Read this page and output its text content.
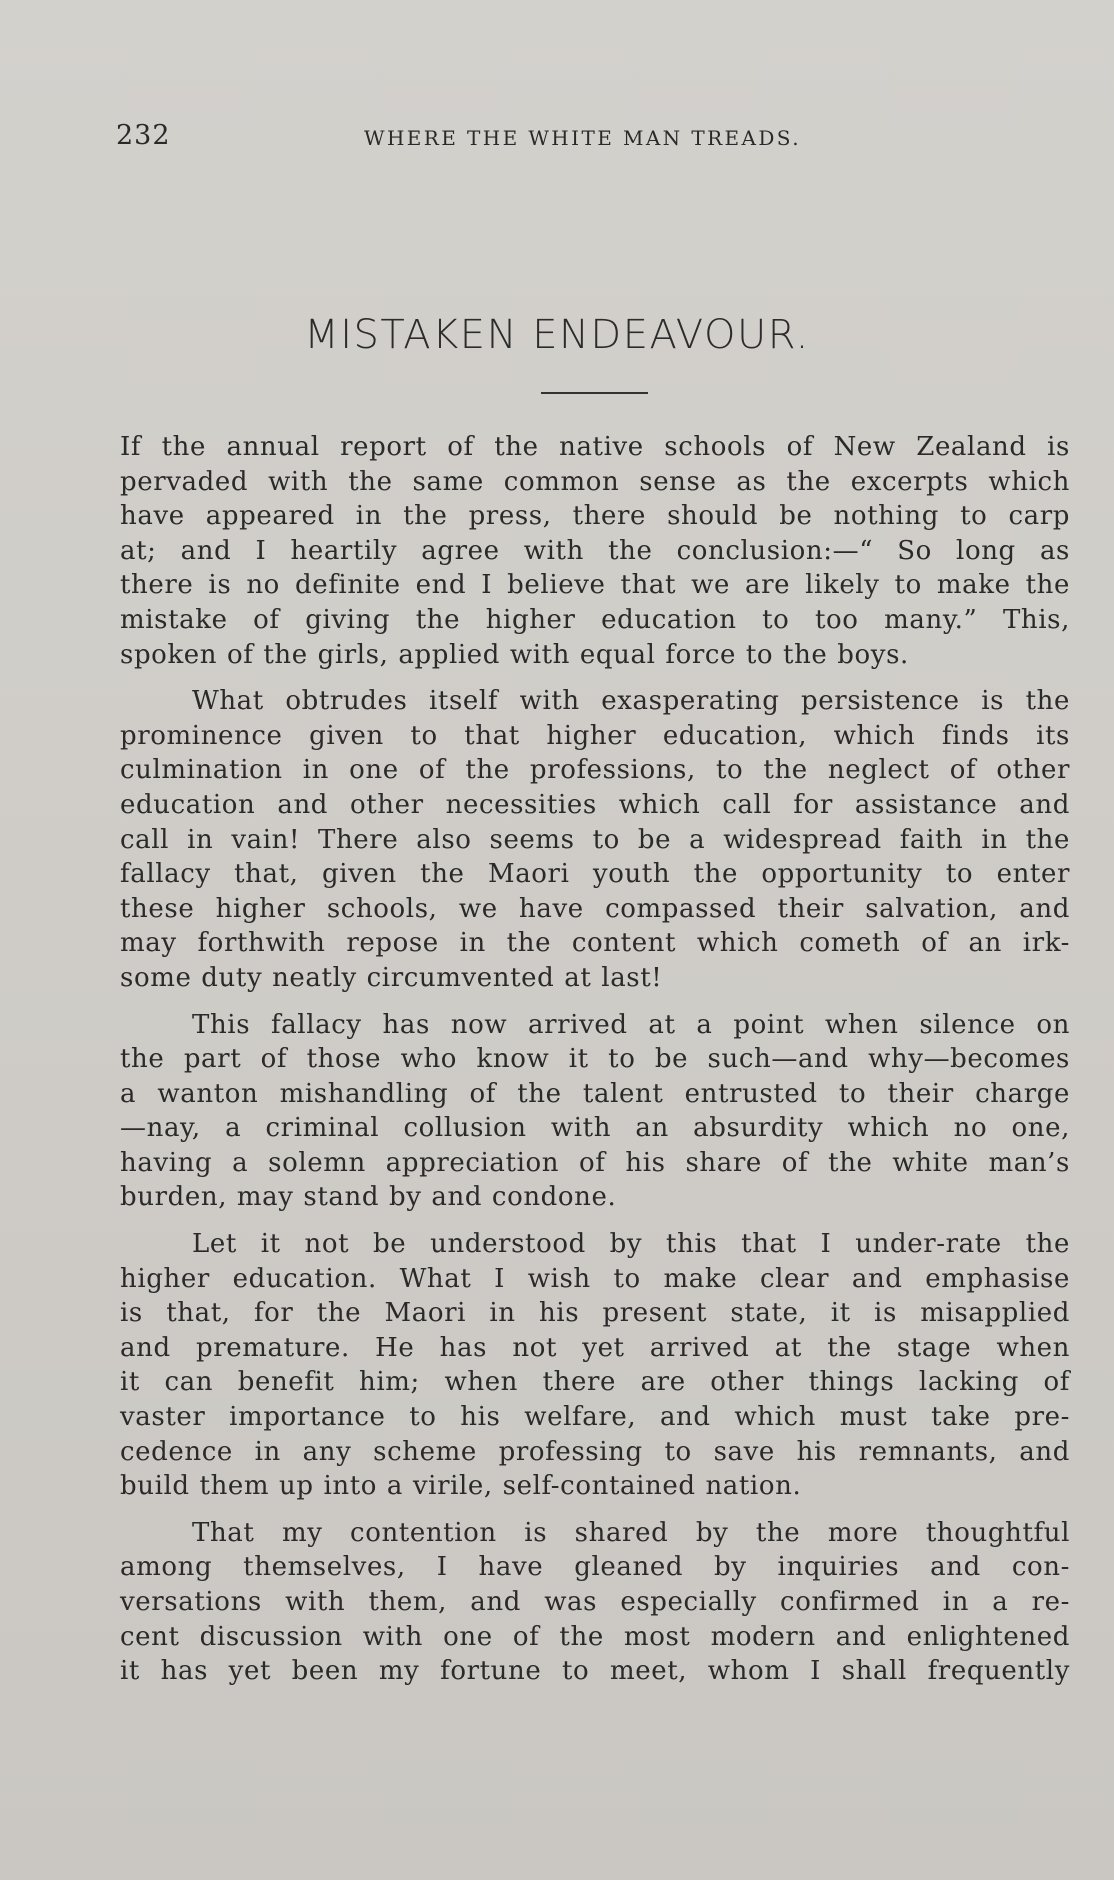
232	WHERE THE WHITE MAN TREADS.
MISTAKEN ENDEAVOUR.
If the annual report of the native schools of New Zealand is
pervaded with the same common sense as the excerpts which
have appeared in the press, there should be nothing to carp
at; and I heartily agree with the conclusion:—“ So long as
there is no definite end I believe that we are likely to make the
mistake of giving the higher education to too many.” This,
spoken of the girls, applied with equal force to the boys.
What obtrudes itself with exasperating persistence is the
prominence given to that higher education, which finds its
culmination in one of the professions, to the neglect of other
education and other necessities which call for assistance and
call in vain! There also seems to be a widespread faith in the
fallacy that, given the Maori youth the opportunity to enter
these higher schools, we have compassed their salvation, and
may forthwith repose in the content which cometh of an irk-
some duty neatly circumvented at last!
This fallacy has now arrived at a point when silence on
the part of those who know it to be such—and why—becomes
a wanton mishandling of the talent entrusted to their charge
—nay, a criminal collusion with an absurdity which no one,
having a solemn appreciation of his share of the white man’s
burden, may stand by and condone.
Let it not be understood by this that I under-rate the
higher education. What I wish to make clear and emphasise
is that, for the Maori in his present state, it is misapplied
and premature. He has not yet arrived at the stage when
it can benefit him; when there are other things lacking of
vaster importance to his welfare, and which must take pre-
cedence in any scheme professing to save his remnants, and
build them up into a virile, self-contained nation.
That my contention is shared by the more thoughtful
among themselves, I have gleaned by inquiries and con-
versations with them, and was especially confirmed in a re-
cent discussion with one of the most modern and enlightened
it has yet been my fortune to meet, whom I shall frequently
